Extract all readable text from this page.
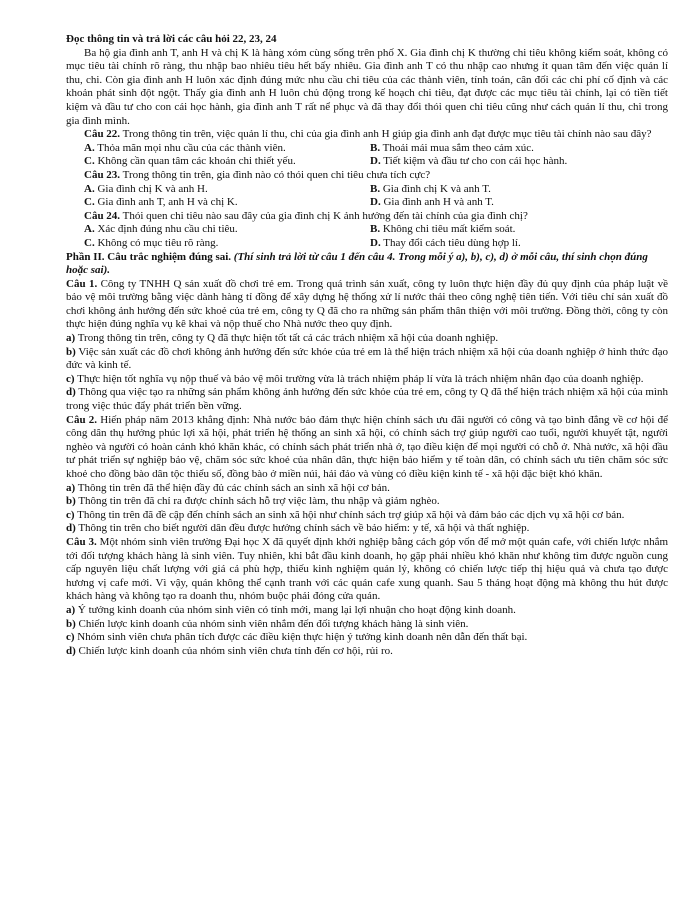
Đọc thông tin và trả lời các câu hỏi 22, 23, 24

Ba hộ gia đình anh T, anh H và chị K là hàng xóm cùng sống trên phố X. Gia đình chị K thường chi tiêu không kiểm soát, không có mục tiêu tài chính rõ ràng, thu nhập bao nhiêu tiêu hết bấy nhiêu. Gia đình anh T có thu nhập cao nhưng ít quan tâm đến việc quản lí thu, chi. Còn gia đình anh H luôn xác định đúng mức nhu cầu chi tiêu của các thành viên, tính toán, cân đối các chi phí cố định và các khoản phát sinh đột ngột. Thấy gia đình anh H luôn chủ động trong kế hoạch chi tiêu, đạt được các mục tiêu tài chính, lại có tiền tiết kiệm và đầu tư cho con cái học hành, gia đình anh T rất nể phục và đã thay đổi thói quen chi tiêu cũng như cách quản lí thu, chi trong gia đình mình.

Câu 22. Trong thông tin trên, việc quản lí thu, chi của gia đình anh H giúp gia đình anh đạt được mục tiêu tài chính nào sau đây?

A. Thỏa mãn mọi nhu cầu của các thành viên.	B. Thoải mái mua sắm theo cảm xúc.
C. Không cần quan tâm các khoản chi thiết yếu.	D. Tiết kiệm và đầu tư cho con cái học hành.

Câu 23. Trong thông tin trên, gia đình nào có thói quen chi tiêu chưa tích cực?

A. Gia đình chị K và anh H.	B. Gia đình chị K và anh T.
C. Gia đình anh T, anh H và chị K.	D. Gia đình anh H và anh T.

Câu 24. Thói quen chi tiêu nào sau đây của gia đình chị K ảnh hưởng đến tài chính của gia đình chị?

A. Xác định đúng nhu cầu chi tiêu.	B. Không chi tiêu mất kiểm soát.
C. Không có mục tiêu rõ ràng.	D. Thay đổi cách tiêu dùng hợp lí.

Phần II. Câu trắc nghiệm đúng sai. (Thí sinh trả lời từ câu 1 đến câu 4. Trong mỗi ý a), b), c), d) ở mỗi câu, thí sinh chọn đúng hoặc sai).

Câu 1. Công ty TNHH Q sản xuất đồ chơi trẻ em. Trong quá trình sản xuất, công ty luôn thực hiện đầy đủ quy định của pháp luật về bảo vệ môi trường bằng việc dành hàng tỉ đồng để xây dựng hệ thống xử lí nước thải theo công nghệ tiên tiến. Với tiêu chí sản xuất đồ chơi không ảnh hưởng đến sức khoẻ của trẻ em, công ty Q đã cho ra những sản phẩm thân thiện với môi trường. Đồng thời, công ty còn thực hiện đúng nghĩa vụ kê khai và nộp thuế cho Nhà nước theo quy định.

a) Trong thông tin trên, công ty Q đã thực hiện tốt tất cả các trách nhiệm xã hội của doanh nghiệp.

b) Việc sản xuất các đồ chơi không ảnh hưởng đến sức khỏe của trẻ em là thể hiện trách nhiệm xã hội của doanh nghiệp ở hình thức đạo đức và kinh tế.

c) Thực hiện tốt nghĩa vụ nộp thuế và bảo vệ môi trường vừa là trách nhiệm pháp lí vừa là trách nhiệm nhân đạo của doanh nghiệp.

d) Thông qua việc tạo ra những sản phẩm không ảnh hưởng đến sức khỏe của trẻ em, công ty Q đã thể hiện trách nhiệm xã hội của mình trong việc thúc đẩy phát triển bền vững.

Câu 2. Hiến pháp năm 2013 khẳng định: Nhà nước bảo đảm thực hiện chính sách ưu đãi người có công và tạo bình đẳng về cơ hội để công dân thụ hưởng phúc lợi xã hội, phát triển hệ thống an sinh xã hội, có chính sách trợ giúp người cao tuổi, người khuyết tật, người nghèo và người có hoàn cảnh khó khăn khác, có chính sách phát triển nhà ở, tạo điều kiện để mọi người có chỗ ở. Nhà nước, xã hội đầu tư phát triển sự nghiệp bảo vệ, chăm sóc sức khoẻ của nhân dân, thực hiện bảo hiểm y tế toàn dân, có chính sách ưu tiên chăm sóc sức khoẻ cho đồng bào dân tộc thiểu số, đồng bào ở miền núi, hải đảo và vùng có điều kiện kinh tế - xã hội đặc biệt khó khăn.

a) Thông tin trên đã thể hiện đầy đủ các chính sách an sinh xã hội cơ bản.

b) Thông tin trên đã chỉ ra được chính sách hỗ trợ việc làm, thu nhập và giảm nghèo.

c) Thông tin trên đã đề cập đến chính sách an sinh xã hội như chính sách trợ giúp xã hội và đảm bảo các dịch vụ xã hội cơ bản.

d) Thông tin trên cho biết người dân đều được hưởng chính sách về bảo hiểm: y tế, xã hội và thất nghiệp.

Câu 3. Một nhóm sinh viên trường Đại học X đã quyết định khởi nghiệp bằng cách góp vốn để mở một quán cafe, với chiến lược nhắm tới đối tượng khách hàng là sinh viên. Tuy nhiên, khi bắt đầu kinh doanh, họ gặp phải nhiều khó khăn như không tìm được nguồn cung cấp nguyên liệu chất lượng với giá cả phù hợp, thiếu kinh nghiệm quản lý, không có chiến lược tiếp thị hiệu quả và chưa tạo được hương vị cafe mới. Vì vậy, quán không thể cạnh tranh với các quán cafe xung quanh. Sau 5 tháng hoạt động mà không thu hút được khách hàng và không tạo ra doanh thu, nhóm buộc phải đóng cửa quán.

a) Ý tưởng kinh doanh của nhóm sinh viên có tính mới, mang lại lợi nhuận cho hoạt động kinh doanh.

b) Chiến lược kinh doanh của nhóm sinh viên nhắm đến đối tượng khách hàng là sinh viên.

c) Nhóm sinh viên chưa phân tích được các điều kiện thực hiện ý tưởng kinh doanh nên dẫn đến thất bại.

d) Chiến lược kinh doanh của nhóm sinh viên chưa tính đến cơ hội, rủi ro.
